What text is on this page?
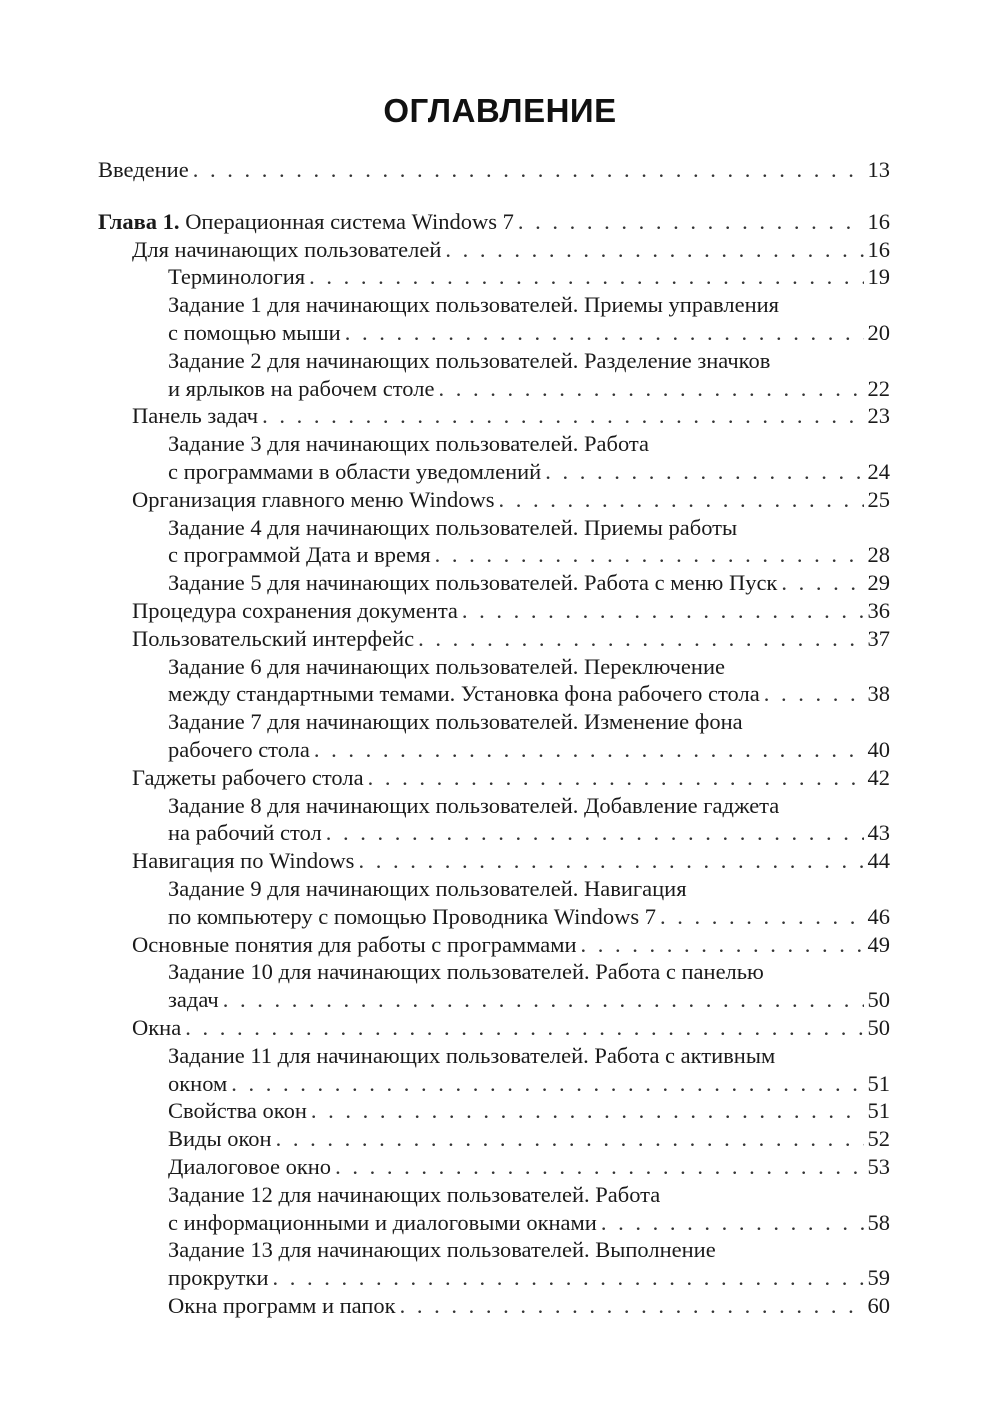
ОГЛАВЛЕНИЕ
Введение . . .	13
Глава 1.
Операционная система Windows 7 . . .	16
Для начинающих пользователей . . .	16
Терминология . . .	19
Задание 1 для начинающих пользователей. Приемы управления
с помощью мыши . . .	20
Задание 2 для начинающих пользователей. Разделение значков
и ярлыков на рабочем столе . . .	22
Панель задач . . .	23
Задание 3 для начинающих пользователей. Работа
с программами в области уведомлений . . .	24
Организация главного меню Windows . . .	25
Задание 4 для начинающих пользователей. Приемы работы
с программой Дата и время . . .	28
Задание 5 для начинающих пользователей. Работа с меню Пуск . . .	29
Процедура сохранения документа . . .	36
Пользовательский интерфейс . . .	37
Задание 6 для начинающих пользователей. Переключение
между стандартными темами. Установка фона рабочего стола . . .	38
Задание 7 для начинающих пользователей. Изменение фона
рабочего стола . . .	40
Гаджеты рабочего стола . . .	42
Задание 8 для начинающих пользователей. Добавление гаджета
на рабочий стол . . .	43
Навигация по Windows . . .	44
Задание 9 для начинающих пользователей. Навигация
по компьютеру с помощью Проводника Windows 7 . . .	46
Основные понятия для работы с программами . . .	49
Задание 10 для начинающих пользователей. Работа с панелью
задач . . .	50
Окна . . .	50
Задание 11 для начинающих пользователей. Работа с активным
окном . . .	51
Свойства окон . . .	51
Виды окон . . .	52
Диалоговое окно . . .	53
Задание 12 для начинающих пользователей. Работа
с информационными и диалоговыми окнами . . .	58
Задание 13 для начинающих пользователей. Выполнение
прокрутки . . .	59
Окна программ и папок . . .	60
